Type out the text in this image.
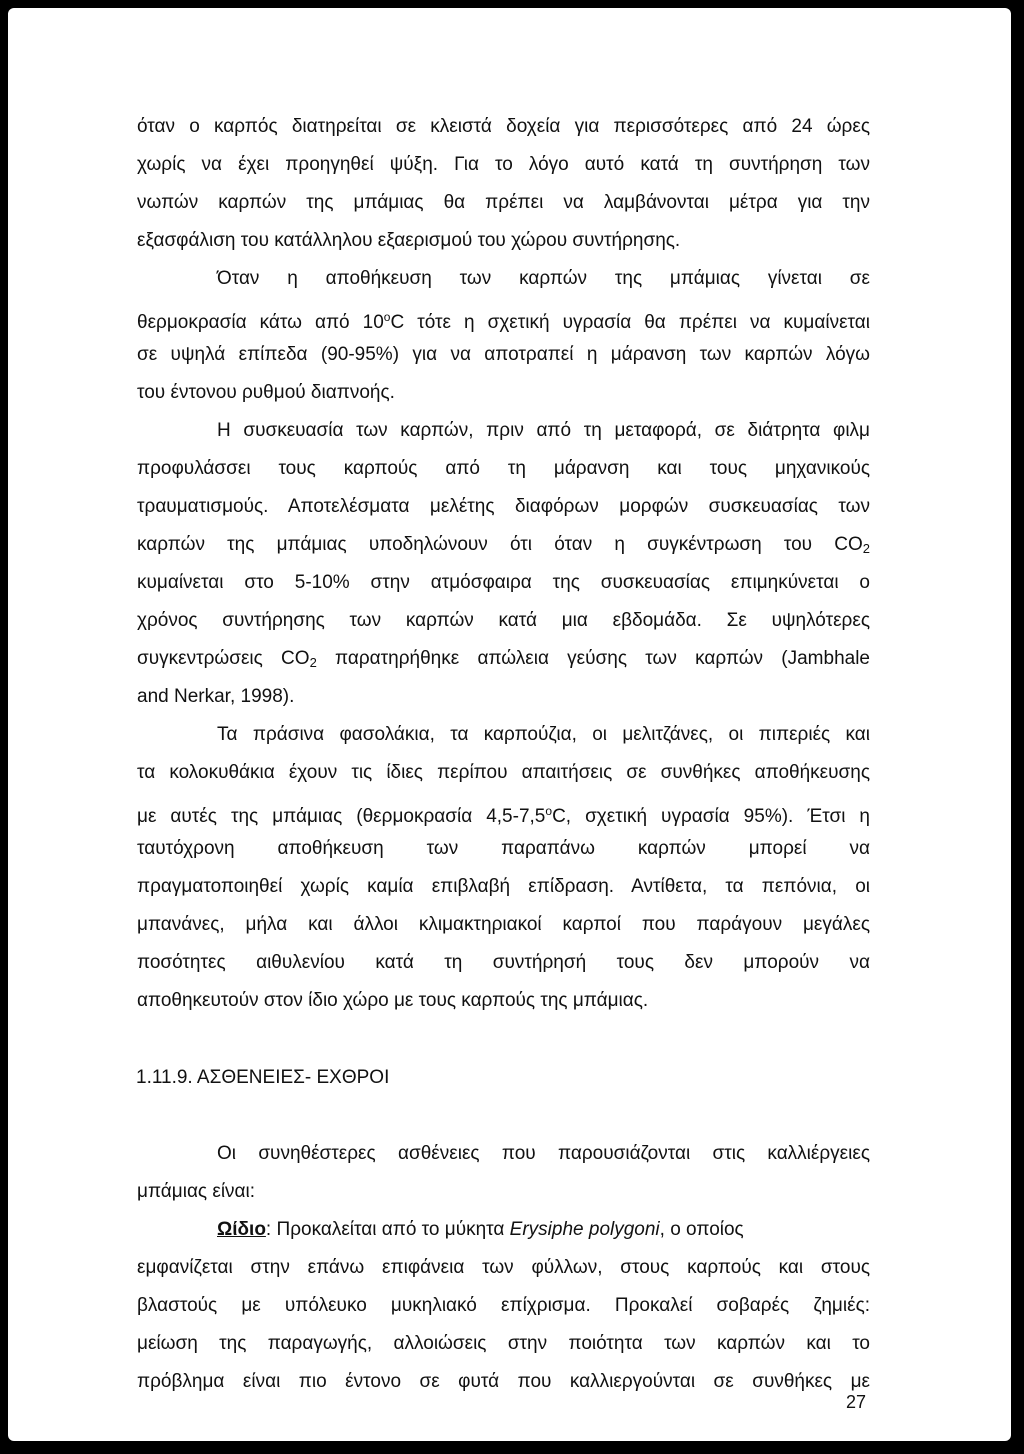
όταν ο καρπός διατηρείται σε κλειστά δοχεία για περισσότερες από 24 ώρες
χωρίς να έχει προηγηθεί ψύξη. Για το λόγο αυτό κατά τη συντήρηση των
νωπών καρπών της μπάμιας θα πρέπει να λαμβάνονται μέτρα για την
εξασφάλιση του κατάλληλου εξαερισμού του χώρου συντήρησης.
Όταν η αποθήκευση των καρπών της μπάμιας γίνεται σε
θερμοκρασία κάτω από $10^oC$ τότε η σχετική υγρασία θα πρέπει να κυμαίνεται
σε υψηλά επίπεδα (90-95%) για να αποτραπεί η μάρανση των καρπών λόγω
του έντονου ρυθμού διαπνοής.
Η συσκευασία των καρπών, πριν από τη μεταφορά, σε διάτρητα φιλμ
προφυλάσσει τους καρπούς από τη μάρανση και τους μηχανικούς
τραυματισμούς. Αποτελέσματα μελέτης διαφόρων μορφών συσκευασίας των
καρπών της μπάμιας υποδηλώνουν ότι όταν η συγκέντρωση του $CO_2$
κυμαίνεται στο 5-10% στην ατμόσφαιρα της συσκευασίας επιμηκύνεται ο
χρόνος συντήρησης των καρπών κατά μια εβδομάδα. Σε υψηλότερες
συγκεντρώσεις $CO_2$ παρατηρήθηκε απώλεια γεύσης των καρπών (Jambhale
and Nerkar, 1998).
Τα πράσινα φασολάκια, τα καρπούζια, οι μελιτζάνες, οι πιπεριές και
τα κολοκυθάκια έχουν τις ίδιες περίπου απαιτήσεις σε συνθήκες αποθήκευσης
με αυτές της μπάμιας (θερμοκρασία $4,5-7,5^oC$, σχετική υγρασία 95%). Έτσι η
ταυτόχρονη αποθήκευση των παραπάνω καρπών μπορεί να
πραγματοποιηθεί χωρίς καμία επιβλαβή επίδραση. Αντίθετα, τα πεπόνια, οι
μπανάνες, μήλα και άλλοι κλιμακτηριακοί καρποί που παράγουν μεγάλες
ποσότητες αιθυλενίου κατά τη συντήρησή τους δεν μπορούν να
αποθηκευτούν στον ίδιο χώρο με τους καρπούς της μπάμιας.
1.11.9. ΑΣΘΕΝΕΙΕΣ- ΕΧΘΡΟΙ
Οι συνηθέστερες ασθένειες που παρουσιάζονται στις καλλιέργειες
μπάμιας είναι:
Ωίδιο: Προκαλείται από το μύκητα Erysiphe polygoni, ο οποίος
εμφανίζεται στην επάνω επιφάνεια των φύλλων, στους καρπούς και στους
βλαστούς με υπόλευκο μυκηλιακό επίχρισμα. Προκαλεί σοβαρές ζημιές:
μείωση της παραγωγής, αλλοιώσεις στην ποιότητα των καρπών και το
πρόβλημα είναι πιο έντονο σε φυτά που καλλιεργούνται σε συνθήκες με
27
